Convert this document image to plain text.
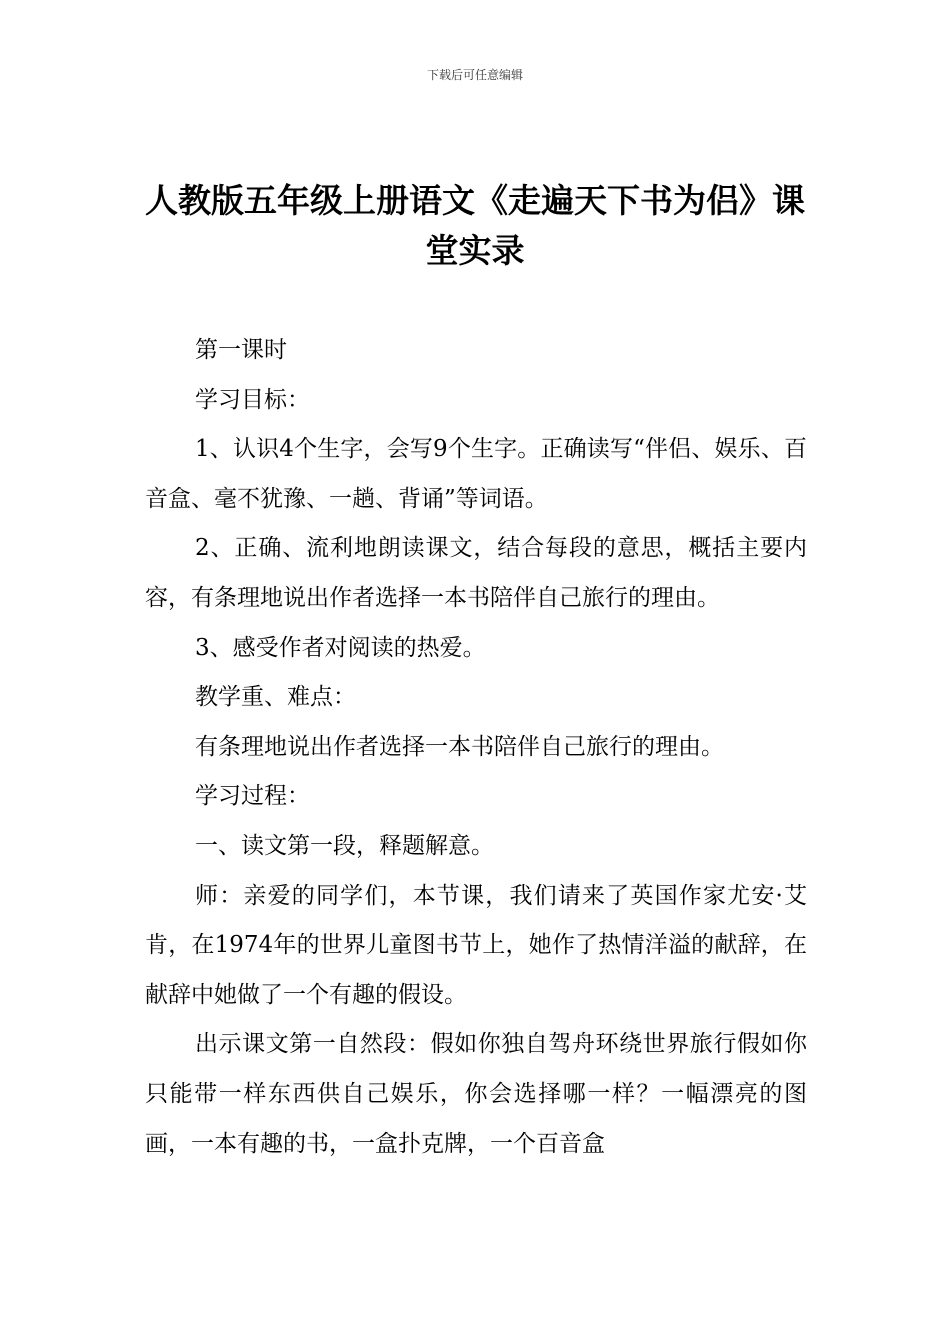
下载后可任意编辑
人教版五年级上册语文《走遍天下书为侣》课堂实录

第一课时

学习目标：

1、认识4个生字，会写9个生字。正确读写“伴侣、娱乐、百音盒、毫不犹豫、一趟、背诵”等词语。

2、正确、流利地朗读课文，结合每段的意思，概括主要内容，有条理地说出作者选择一本书陪伴自己旅行的理由。

3、感受作者对阅读的热爱。

教学重、难点：

有条理地说出作者选择一本书陪伴自己旅行的理由。

学习过程：

一、读文第一段，释题解意。

师：亲爱的同学们，本节课，我们请来了英国作家尤安·艾肯，在1974年的世界儿童图书节上，她作了热情洋溢的献辞，在献辞中她做了一个有趣的假设。

出示课文第一自然段：假如你独自驾舟环绕世界旅行假如你只能带一样东西供自己娱乐，你会选择哪一样？一幅漂亮的图画，一本有趣的书，一盒扑克牌，一个百音盒
